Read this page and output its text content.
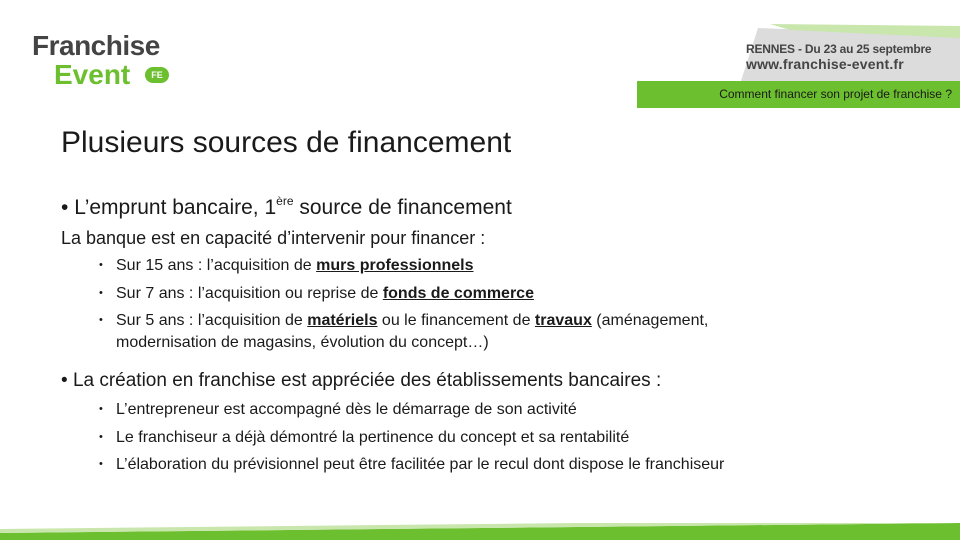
Franchise
Event	FE
RENNES - Du 23 au 25 septembre
www.franchise-event.fr
Comment financer son projet de franchise ?
Plusieurs sources de financement
• L’emprunt bancaire, 1ère source de financement
La banque est en capacité d’intervenir pour financer :
• Sur 15 ans : l’acquisition de murs professionnels
• Sur 7 ans : l’acquisition ou reprise de fonds de commerce
• Sur 5 ans : l’acquisition de matériels ou le financement de travaux (aménagement,
modernisation de magasins, évolution du concept…)
• La création en franchise est appréciée des établissements bancaires :
• L’entrepreneur est accompagné dès le démarrage de son activité
• Le franchiseur a déjà démontré la pertinence du concept et sa rentabilité
• L’élaboration du prévisionnel peut être facilitée par le recul dont dispose le franchiseur
